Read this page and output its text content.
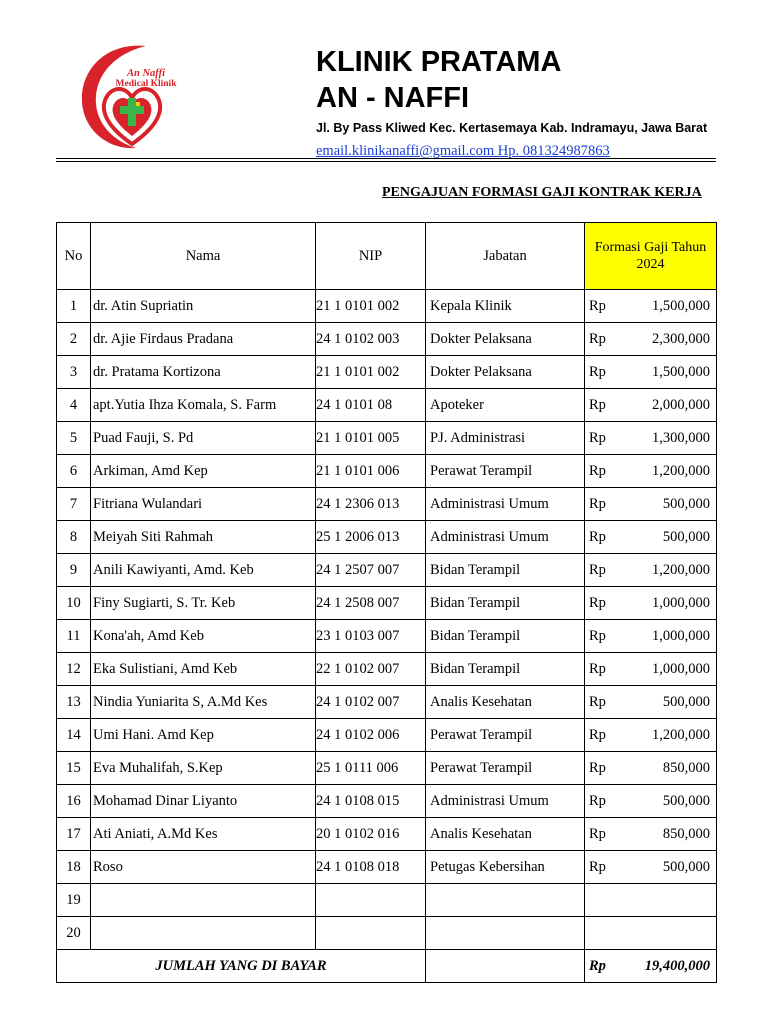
An Naffi
Medical Klinik
KLINIK PRATAMA
AN - NAFFI
Jl. By Pass Kliwed Kec. Kertasemaya Kab. Indramayu, Jawa Barat
email.klinikanaffi@gmail.com Hp. 081324987863
PENGAJUAN FORMASI GAJI KONTRAK KERJA
No	Nama	NIP	Jabatan	Formasi Gaji Tahun 2024
1	dr. Atin Supriatin	21 1 0101 002	Kepala Klinik	Rp 1,500,000

2	dr. Ajie Firdaus Pradana	24 1 0102 003	Dokter Pelaksana	Rp 2,300,000

3	dr. Pratama Kortizona	21 1 0101 002	Dokter Pelaksana	Rp 1,500,000

4	apt.Yutia Ihza Komala, S. Farm	24 1 0101 08	Apoteker	Rp 2,000,000

5	Puad Fauji, S. Pd	21 1 0101 005	PJ. Administrasi	Rp 1,300,000

6	Arkiman, Amd Kep	21 1 0101 006	Perawat Terampil	Rp 1,200,000

7	Fitriana Wulandari	24 1 2306 013	Administrasi Umum	Rp 500,000

8	Meiyah Siti Rahmah	25 1 2006 013	Administrasi Umum	Rp 500,000

9	Anili Kawiyanti, Amd. Keb	24 1 2507 007	Bidan Terampil	Rp 1,200,000

10	Finy Sugiarti, S. Tr. Keb	24 1 2508 007	Bidan Terampil	Rp 1,000,000

11	Kona'ah, Amd Keb	23 1 0103 007	Bidan Terampil	Rp 1,000,000

12	Eka Sulistiani, Amd Keb	22 1 0102 007	Bidan Terampil	Rp 1,000,000

13	Nindia Yuniarita S, A.Md Kes	24 1 0102 007	Analis Kesehatan	Rp 500,000

14	Umi Hani. Amd Kep	24 1 0102 006	Perawat Terampil	Rp 1,200,000

15	Eva Muhalifah, S.Kep	25 1 0111 006	Perawat Terampil	Rp 850,000

16	Mohamad Dinar Liyanto	24 1 0108 015	Administrasi Umum	Rp 500,000

17	Ati Aniati, A.Md Kes	20 1 0102 016	Analis Kesehatan	Rp 850,000

18	Roso	24 1 0108 018	Petugas Kebersihan	Rp 500,000

19				

20				

JUMLAH YANG DI BAYAR				Rp 19,400,000
